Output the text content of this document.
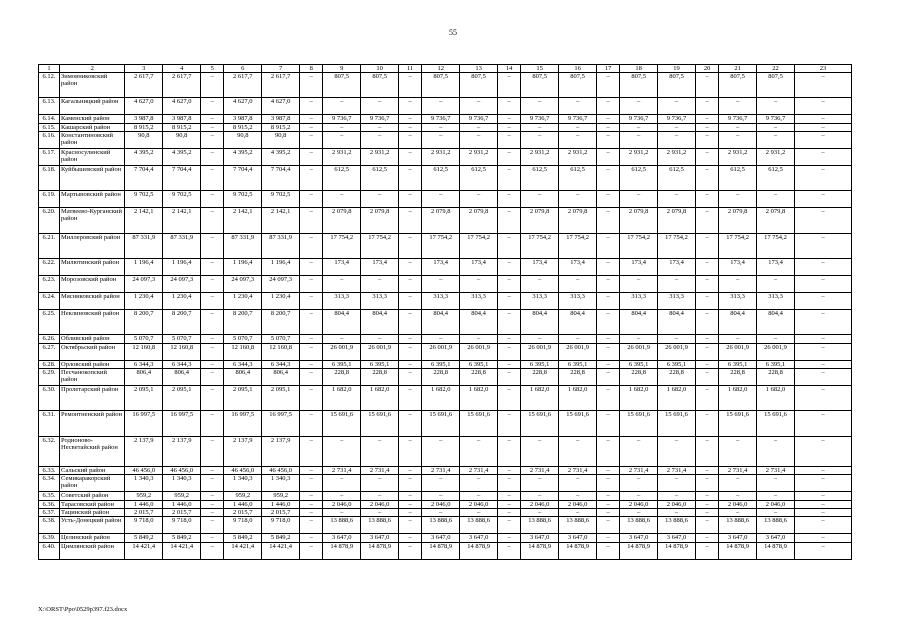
55
1	2	3	4	5	6	7	8	9	10	11	12	13	14	15	16	17	18	19	20	21	22	23
6.12.	Зимовниковский район	2 617,7	2 617,7	–	2 617,7	2 617,7	–	807,5	807,5	–	807,5	807,5	–	807,5	807,5	–	807,5	807,5	–	807,5	807,5	–
6.13.	Кагальницкий район	4 627,0	4 627,0	–	4 627,0	4 627,0	–	–	–	–	–	–	–	–	–	–	–	–	–	–	–	–
6.14.	Каменский район	3 987,8	3 987,8	–	3 987,8	3 987,8	–	9 736,7	9 736,7	–	9 736,7	9 736,7	–	9 736,7	9 736,7	–	9 736,7	9 736,7	–	9 736,7	9 736,7	–
6.15.	Кашарский район	8 915,2	8 915,2	–	8 915,2	8 915,2	–	–	–	–	–	–	–	–	–	–	–	–	–	–	–	–
6.16.	Константиновский район	90,8	90,8	–	90,8	90,8	–	–	–	–	–	–	–	–	–	–	–	–	–	–	–	–
6.17.	Красносулинский район	4 395,2	4 395,2	–	4 395,2	4 395,2	–	2 931,2	2 931,2	–	2 931,2	2 931,2	–	2 931,2	2 931,2	–	2 931,2	2 931,2	–	2 931,2	2 931,2	–
6.18.	Куйбышевский район	7 704,4	7 704,4	–	7 704,4	7 704,4	–	612,5	612,5	–	612,5	612,5	–	612,5	612,5	–	612,5	612,5	–	612,5	612,5	–
6.19.	Мартыновский район	9 702,5	9 702,5	–	9 702,5	9 702,5	–	–	–	–	–	–	–	–	–	–	–	–	–	–	–	–
6.20.	Матвеево-Курганский район	2 142,1	2 142,1	–	2 142,1	2 142,1	–	2 079,8	2 079,8	–	2 079,8	2 079,8	–	2 079,8	2 079,8	–	2 079,8	2 079,8	–	2 079,8	2 079,8	–
6.21.	Миллеровский район	87 331,9	87 331,9	–	87 331,9	87 331,9	–	17 754,2	17 754,2	–	17 754,2	17 754,2	–	17 754,2	17 754,2	–	17 754,2	17 754,2	–	17 754,2	17 754,2	–
6.22.	Милютинский район	1 196,4	1 196,4	–	1 196,4	1 196,4	–	173,4	173,4	–	173,4	173,4	–	173,4	173,4	–	173,4	173,4	–	173,4	173,4	–
6.23.	Морозовский район	24 097,3	24 097,3	–	24 097,3	24 097,3	–	–	–	–	–	–	–	–	–	–	–	–	–	–	–	–
6.24.	Мясниковский район	1 230,4	1 230,4	–	1 230,4	1 230,4	–	313,3	313,3	–	313,3	313,3	–	313,3	313,3	–	313,3	313,3	–	313,3	313,3	–
6.25.	Неклиновский район	8 200,7	8 200,7	–	8 200,7	8 200,7	–	804,4	804,4	–	804,4	804,4	–	804,4	804,4	–	804,4	804,4	–	804,4	804,4	–
6.26.	Обливский район	5 070,7	5 070,7	–	5 070,7	5 070,7	–	–	–	–	–	–	–	–	–	–	–	–	–	–	–	–
6.27.	Октябрьский район	12 160,8	12 160,8	–	12 160,8	12 160,8	–	26 001,9	26 001,9	–	26 001,9	26 001,9	–	26 001,9	26 001,9	–	26 001,9	26 001,9	–	26 001,9	26 001,9	–
6.28.	Орловский район	6 344,3	6 344,3	–	6 344,3	6 344,3	–	6 395,1	6 395,1	–	6 395,1	6 395,1	–	6 395,1	6 395,1	–	6 395,1	6 395,1	–	6 395,1	6 395,1	–
6.29.	Песчанокопский район	806,4	806,4	–	806,4	806,4	–	228,8	228,8	–	228,8	228,8	–	228,8	228,8	–	228,8	228,8	–	228,8	228,8	–
6.30.	Пролетарский район	2 095,1	2 095,1	–	2 095,1	2 095,1	–	1 682,0	1 682,0	–	1 682,0	1 682,0	–	1 682,0	1 682,0	–	1 682,0	1 682,0	–	1 682,0	1 682,0	–
6.31.	Ремонтненский район	16 997,5	16 997,5	–	16 997,5	16 997,5	–	15 691,6	15 691,6	–	15 691,6	15 691,6	–	15 691,6	15 691,6	–	15 691,6	15 691,6	–	15 691,6	15 691,6	–
6.32.	Родионово-Несветайский район	2 137,9	2 137,9	–	2 137,9	2 137,9	–	–	–	–	–	–	–	–	–	–	–	–	–	–	–	–
6.33.	Сальский район	46 456,0	46 456,0	–	46 456,0	46 456,0	–	2 731,4	2 731,4	–	2 731,4	2 731,4	–	2 731,4	2 731,4	–	2 731,4	2 731,4	–	2 731,4	2 731,4	–
6.34.	Семикаракорский район	1 340,3	1 340,3	–	1 340,3	1 340,3	–	–	–	–	–	–	–	–	–	–	–	–	–	–	–	–
6.35.	Советский район	959,2	959,2	–	959,2	959,2	–	–	–	–	–	–	–	–	–	–	–	–	–	–	–	–
6.36.	Тарасовский район	1 446,0	1 446,0	–	1 446,0	1 446,0	–	2 046,0	2 046,0	–	2 046,0	2 046,0	–	2 046,0	2 046,0	–	2 046,0	2 046,0	–	2 046,0	2 046,0	–
6.37.	Тацинский район	2 015,7	2 015,7	–	2 015,7	2 015,7	–	–	–	–	–	–	–	–	–	–	–	–	–	–	–	–
6.38.	Усть-Донецкий район	9 718,0	9 718,0	–	9 718,0	9 718,0	–	13 888,6	13 888,6	–	13 888,6	13 888,6	–	13 888,6	13 888,6	–	13 888,6	13 888,6	–	13 888,6	13 888,6	–
6.39.	Целинский район	5 849,2	5 849,2	–	5 849,2	5 849,2	–	3 647,0	3 647,0	–	3 647,0	3 647,0	–	3 647,0	3 647,0	–	3 647,0	3 647,0	–	3 647,0	3 647,0	–
6.40.	Цимлянский район	14 421,4	14 421,4	–	14 421,4	14 421,4	–	14 878,9	14 878,9	–	14 878,9	14 878,9	–	14 878,9	14 878,9	–	14 878,9	14 878,9	–	14 878,9	14 878,9	–
Х:\ORST\Ppo\0529p397.f23.docx
